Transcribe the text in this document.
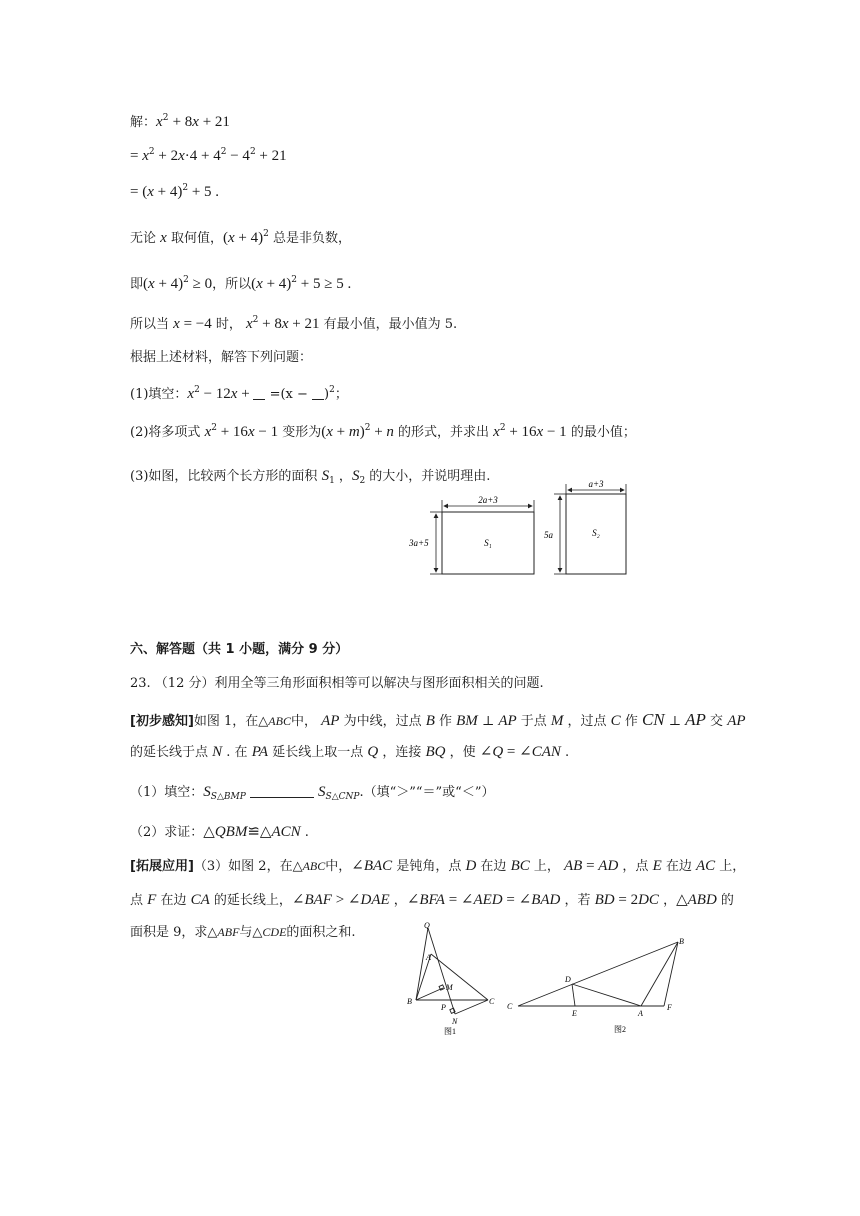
解：$x^2 + 8x + 21$
= $x^2 + 2x\cdot 4 + 4^2 - 4^2 + 21$
= $(x + 4)^2 + 5$ .
无论 x 取何值，$(x + 4)^2$ 总是非负数，
即$(x + 4)^2 \ge 0$，所以$(x + 4)^2 + 5 \ge 5$ .
所以当 x = −4 时， $x^2 + 8x + 21$ 有最小值，最小值为 5.
根据上述材料，解答下列问题：
(1)填空：$x^2 - 12x + =(x - )^2$；
(2)将多项式 $x^2 + 16x - 1$ 变形为$(x + m)^2 + n$ 的形式，并求出 $x^2 + 16x - 1$ 的最小值；
(3)如图，比较两个长方形的面积 $S_1$ ，$S_2$ 的大小，并说明理由.
2a+3
3a+5	S₁
a+3
5a	S₂
六、解答题（共 1 小题，满分 9 分）
23. （12 分）利用全等三角形面积相等可以解决与图形面积相关的问题.
[初步感知]如图 1，在△ABC中， AP 为中线，过点 B 作 BM ⊥ AP 于点 M ，过点 C 作 CN ⊥ AP 交 AP
的延长线于点 N . 在 PA 延长线上取一点 Q ，连接 BQ ，使 ∠Q = ∠CAN .
（1）填空：$S_{S\triangle BMP}$	$S_{S\triangle CNP}$.（填“＞”“＝”或“＜”）
（2）求证：△QBM≌△ACN .
[拓展应用]（3）如图 2，在△ABC中，∠BAC 是钝角，点 D 在边 BC 上， AB = AD ，点 E 在边 AC 上，
点 F 在边 CA 的延长线上，∠BAF > ∠DAE ，∠BFA = ∠AED = ∠BAD ，若 BD = 2DC ，△ABD 的
面积是 9，求△ABF与△CDE的面积之和.	Q
A
M
B
P
C
N
图1
B
D
C
E	A
F
图2
